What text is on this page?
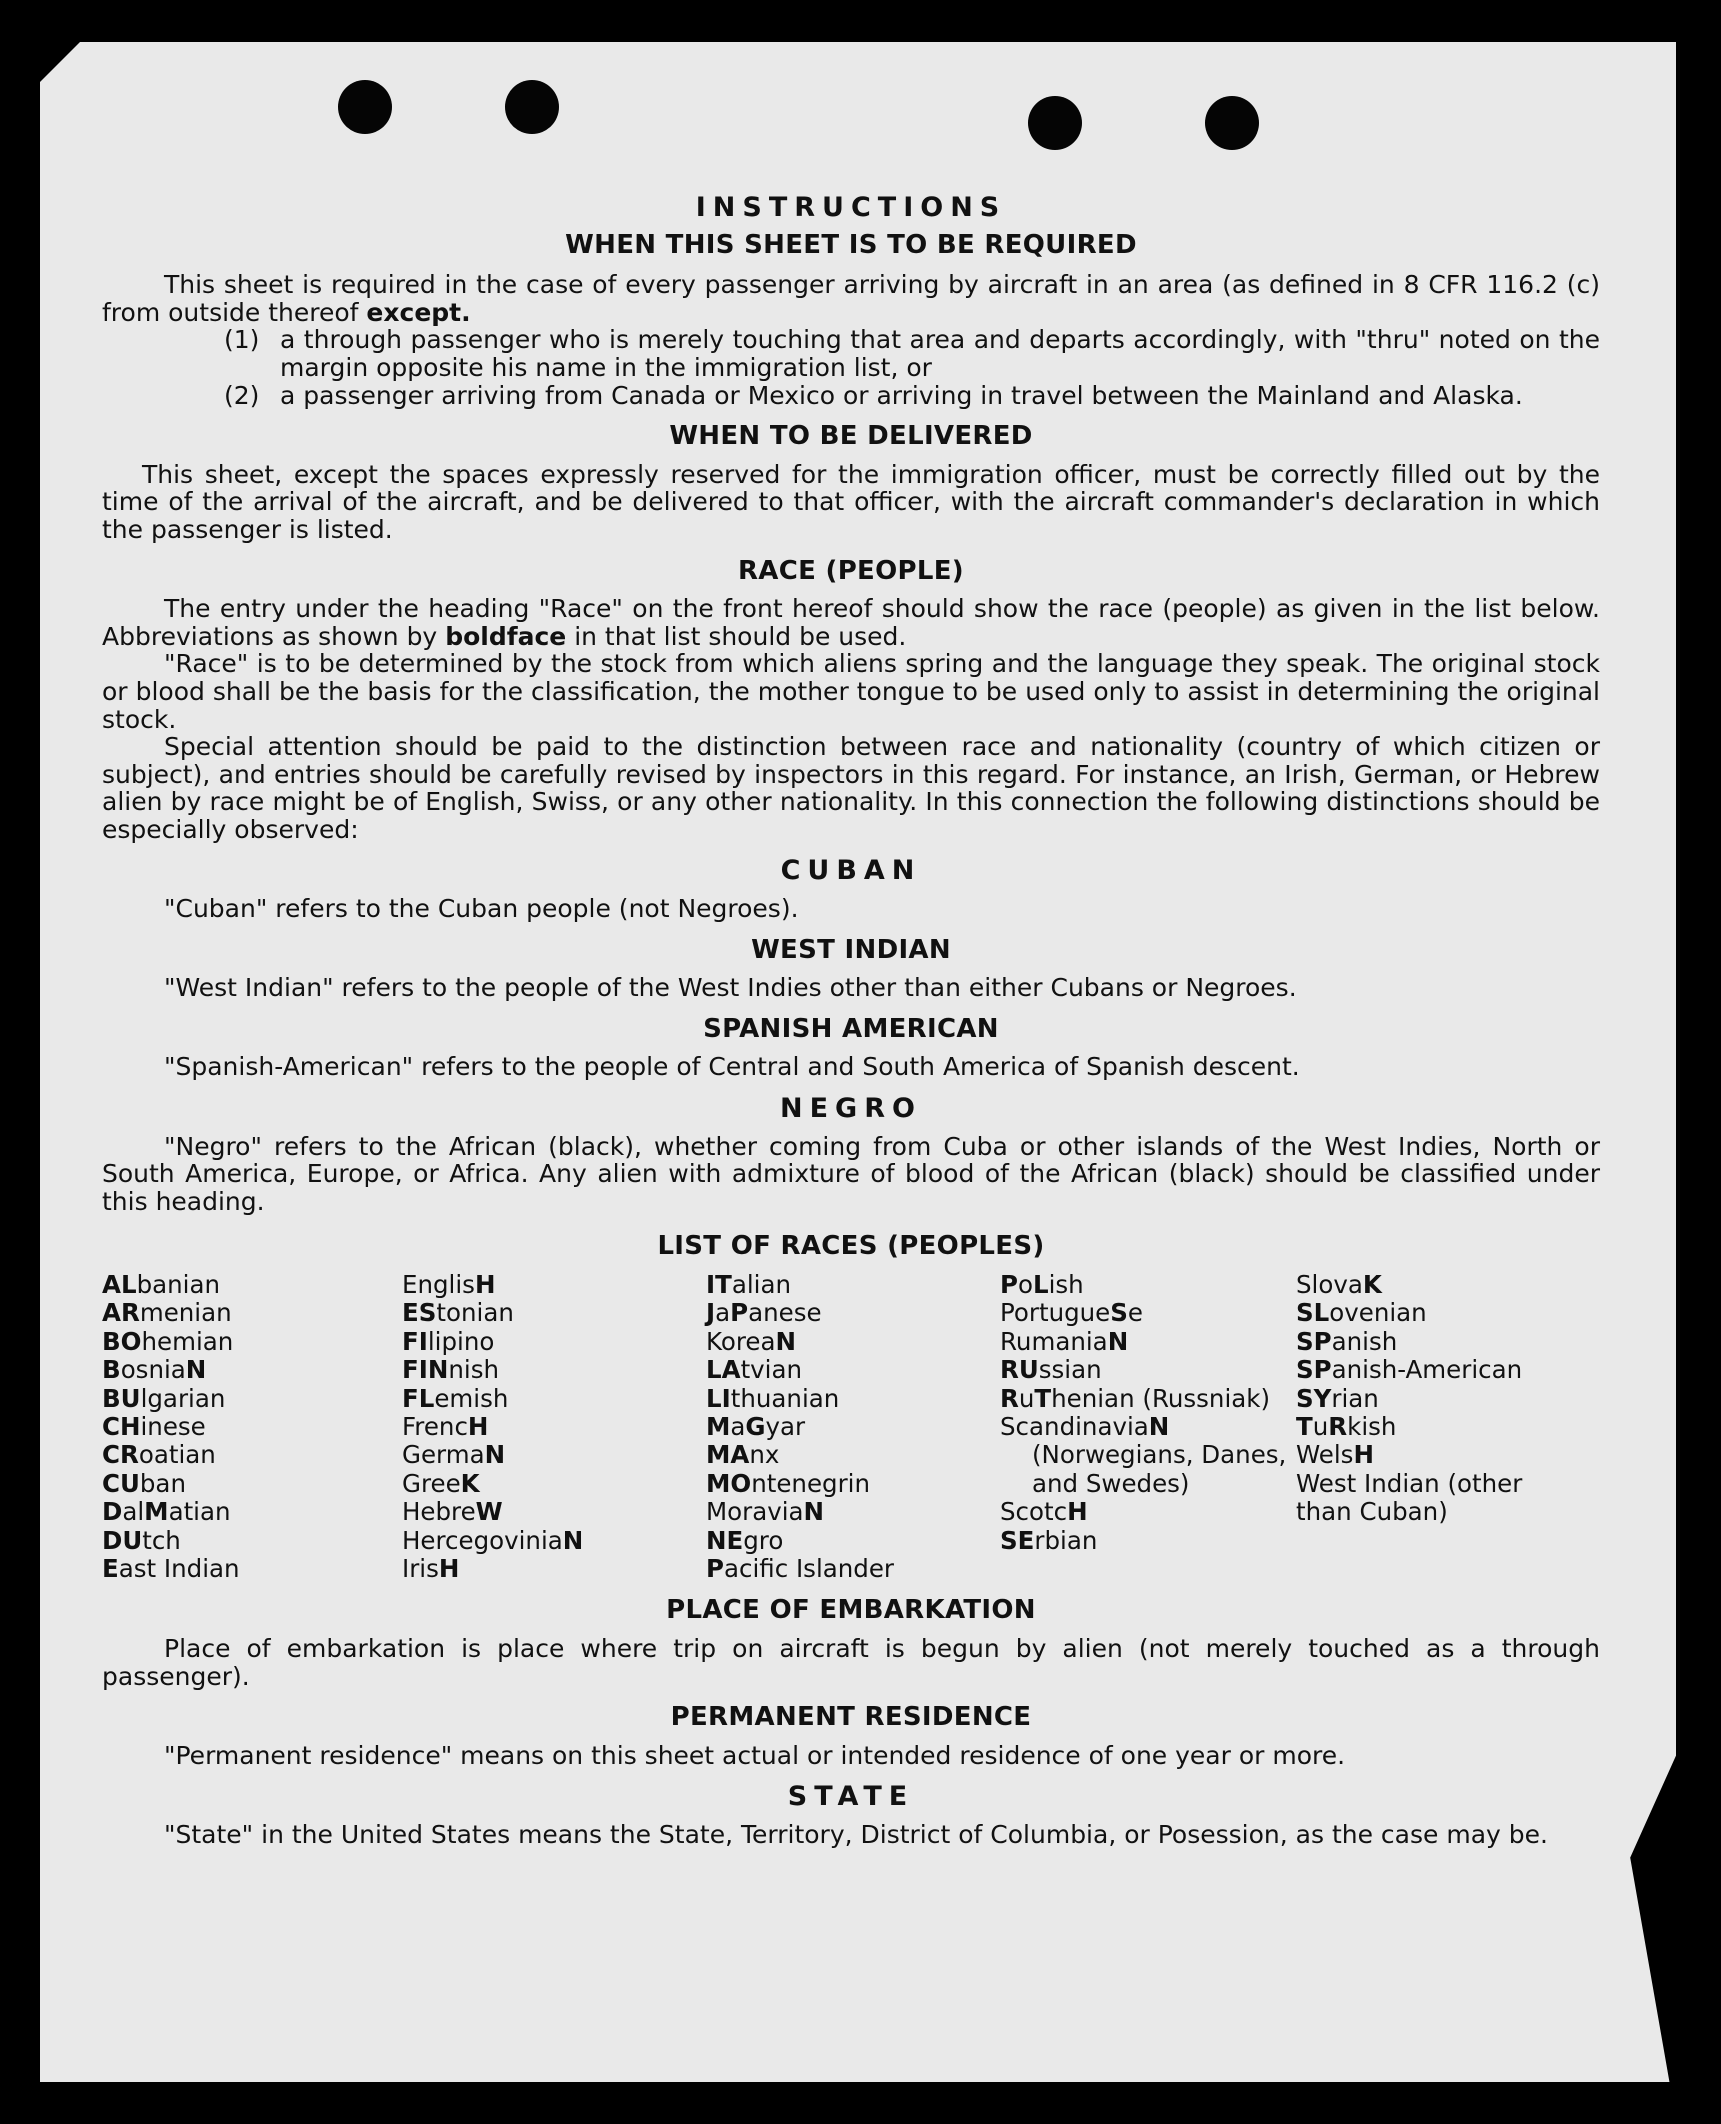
INSTRUCTIONS
WHEN THIS SHEET IS TO BE REQUIRED

This sheet is required in the case of every passenger arriving by aircraft in an area (as defined in 8 CFR 116.2 (c) from outside thereof except.

(1) a through passenger who is merely touching that area and departs accordingly, with "thru" noted on the margin opposite his name in the immigration list, or
(2) a passenger arriving from Canada or Mexico or arriving in travel between the Mainland and Alaska.
WHEN TO BE DELIVERED

This sheet, except the spaces expressly reserved for the immigration officer, must be correctly filled out by the time of the arrival of the aircraft, and be delivered to that officer, with the aircraft commander's declaration in which the passenger is listed.

RACE (PEOPLE)

The entry under the heading "Race" on the front hereof should show the race (people) as given in the list below. Abbreviations as shown by boldface in that list should be used.

"Race" is to be determined by the stock from which aliens spring and the language they speak. The original stock or blood shall be the basis for the classification, the mother tongue to be used only to assist in determining the original stock.

Special attention should be paid to the distinction between race and nationality (country of which citizen or subject), and entries should be carefully revised by inspectors in this regard. For instance, an Irish, German, or Hebrew alien by race might be of English, Swiss, or any other nationality. In this connection the following distinctions should be especially observed:

CUBAN

"Cuban" refers to the Cuban people (not Negroes).

WEST INDIAN

"West Indian" refers to the people of the West Indies other than either Cubans or Negroes.

SPANISH AMERICAN

"Spanish-American" refers to the people of Central and South America of Spanish descent.

NEGRO

"Negro" refers to the African (black), whether coming from Cuba or other islands of the West Indies, North or South America, Europe, or Africa. Any alien with admixture of blood of the African (black) should be classified under this heading.

LIST OF RACES (PEOPLES)
ALbanian
ARmenian
BOhemian
BosniaN
BUlgarian
CHinese
CRoatian
CUban
DalMatian
DUtch
East Indian
EnglisH
EStonian
FIlipino
FINnish
FLemish
FrencH
GermaN
GreeK
HebreW
HercegoviniaN
IrisH
ITalian
JaPanese
KoreaN
LAtvian
LIthuanian
MaGyar
MAnx
MOntenegrin
MoraviaN
NEgro
Pacific Islander
PoLish
PortugueSe
RumaniaN
RUssian
RuThenian (Russniak)
ScandinaviaN
(Norwegians, Danes, and Swedes)
ScotcH
SErbian
SlovaK
SLovenian
SPanish
SPanish-American
SYrian
TuRkish
WelsH
West Indian (other than Cuban)
PLACE OF EMBARKATION

Place of embarkation is place where trip on aircraft is begun by alien (not merely touched as a through passenger).

PERMANENT RESIDENCE

"Permanent residence" means on this sheet actual or intended residence of one year or more.

STATE

"State" in the United States means the State, Territory, District of Columbia, or Posession, as the case may be.
